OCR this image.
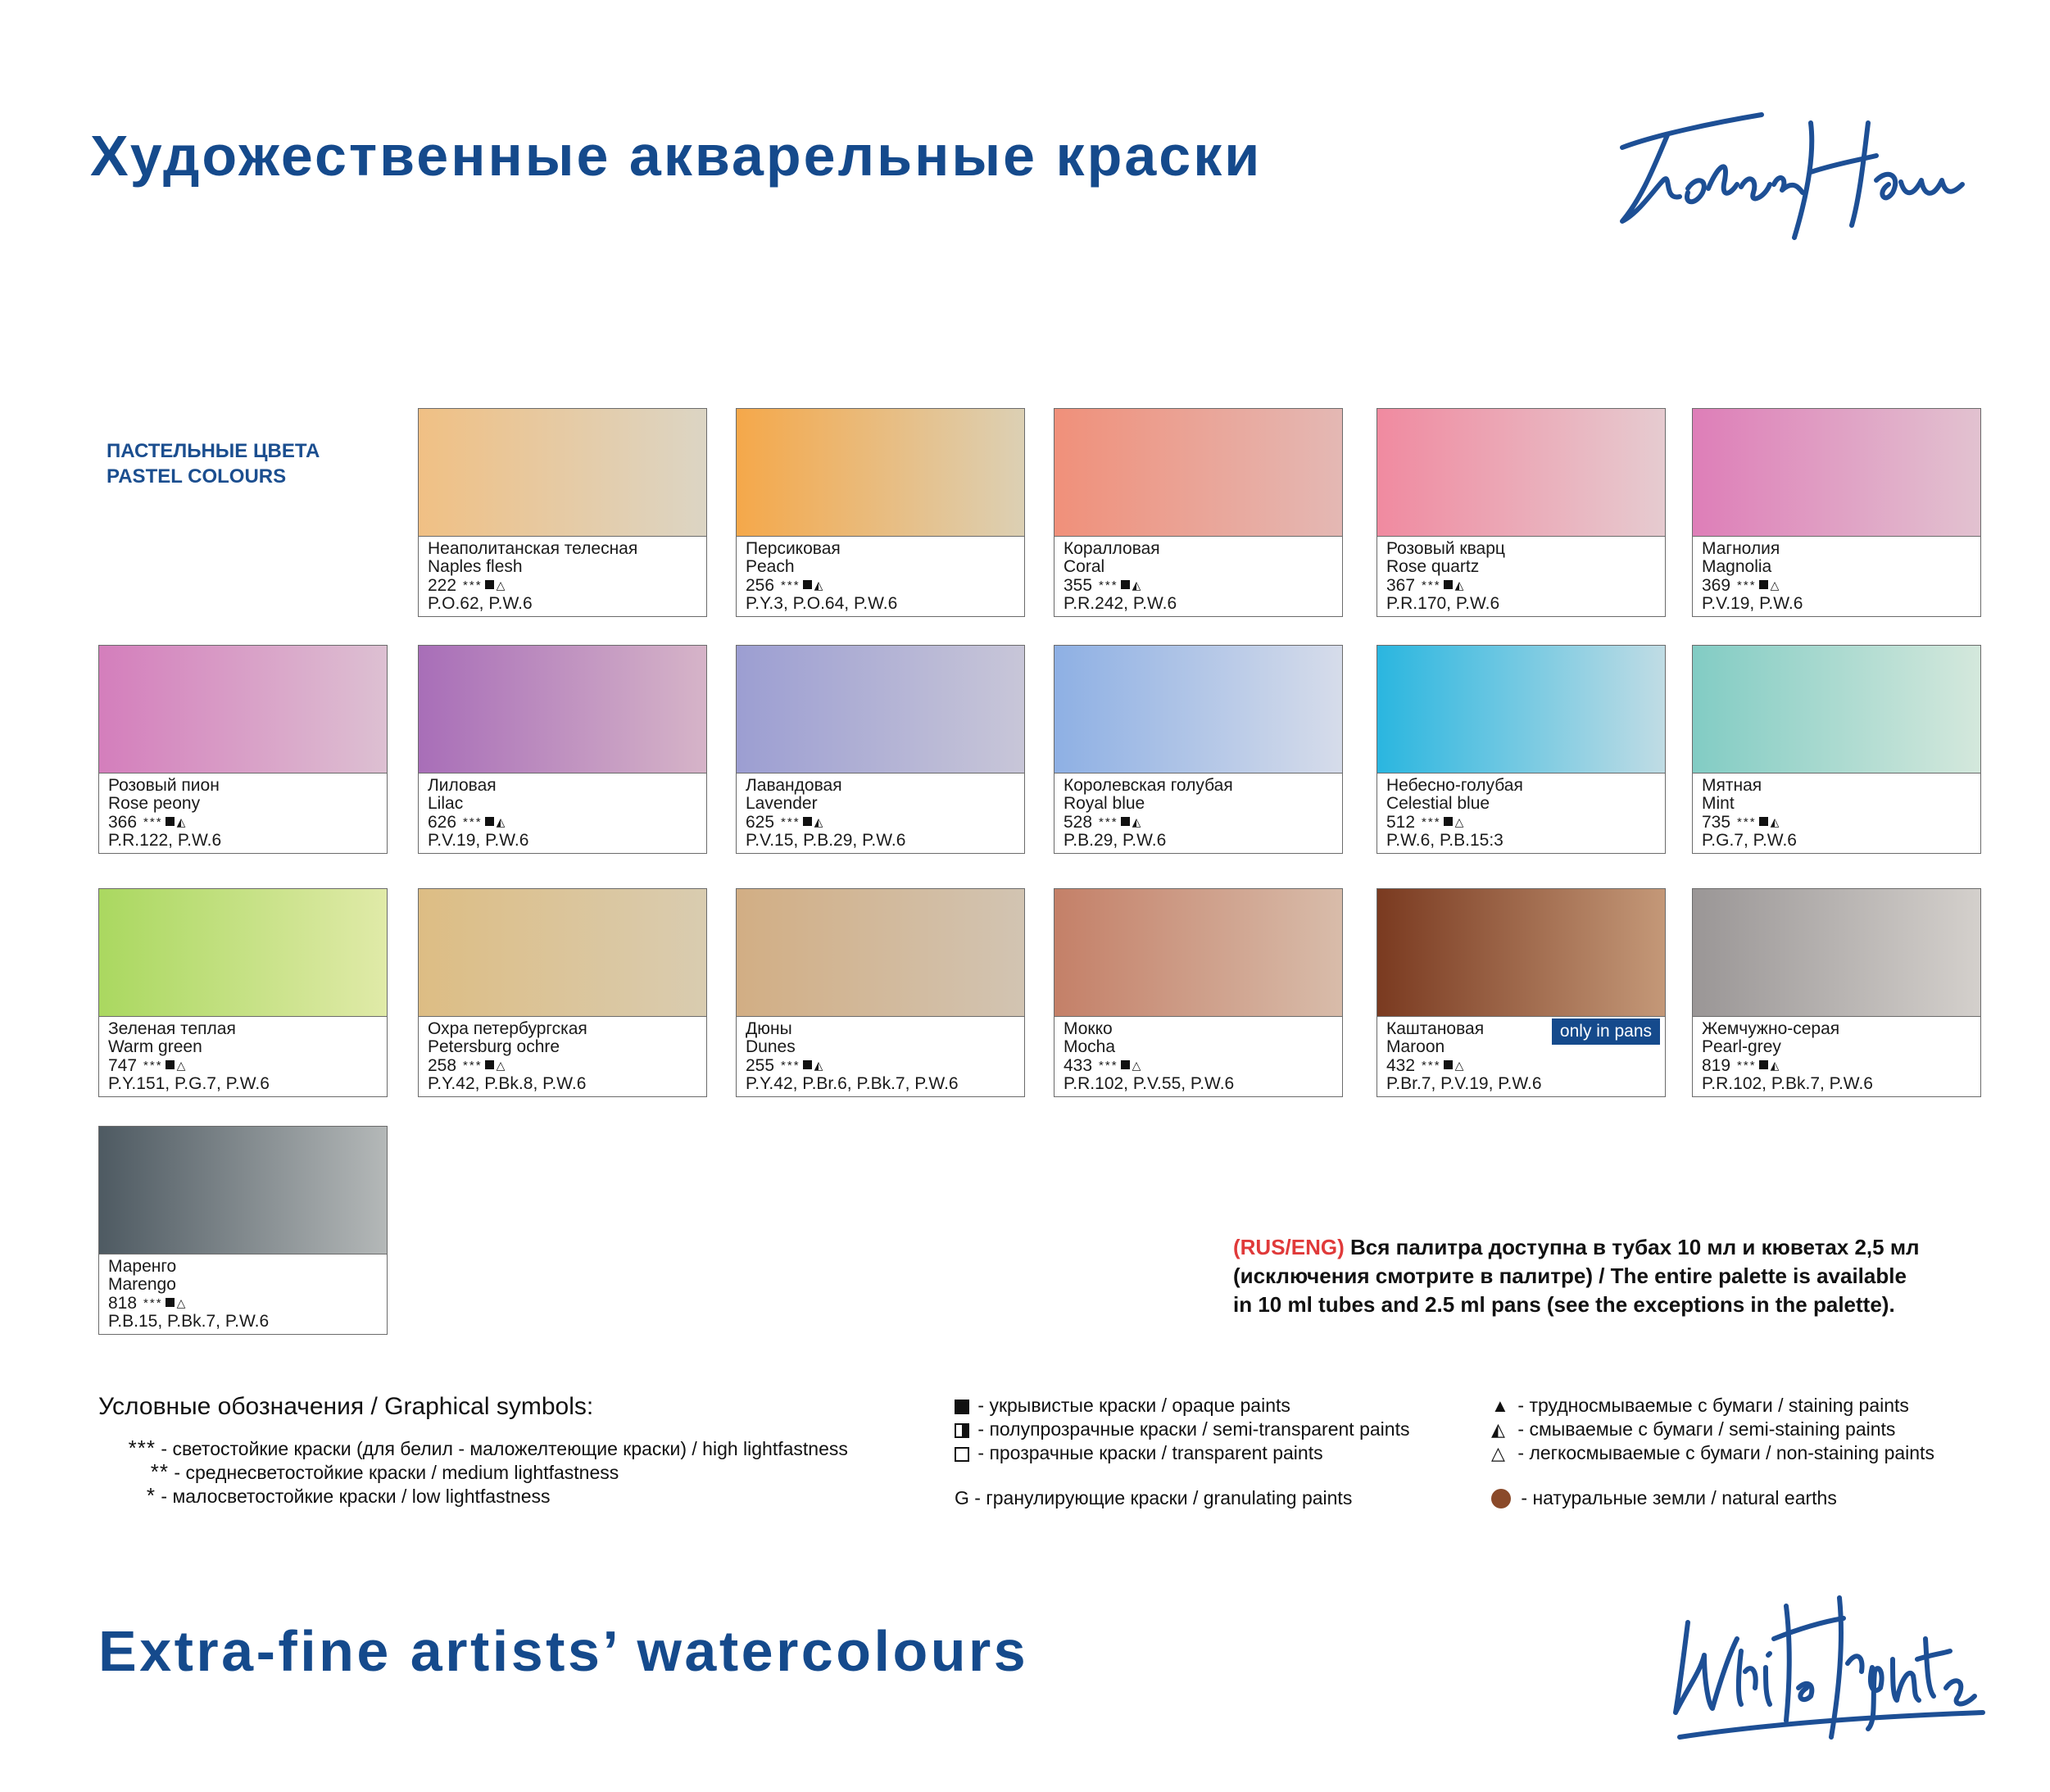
Художественные акварельные краски
ПАСТЕЛЬНЫЕ ЦВЕТА
PASTEL COLOURS
Неаполитанская телесная
Naples flesh
222 *** △
P.O.62, P.W.6
Персиковая
Peach
256 *** ◭
P.Y.3, P.O.64, P.W.6
Коралловая
Coral
355 *** ◭
P.R.242, P.W.6
Розовый кварц
Rose quartz
367 *** ◭
P.R.170, P.W.6
Магнолия
Magnolia
369 *** △
P.V.19, P.W.6
Розовый пион
Rose peony
366 *** ◭
P.R.122, P.W.6
Лиловая
Lilac
626 *** ◭
P.V.19, P.W.6
Лавандовая
Lavender
625 *** ◭
P.V.15, P.B.29, P.W.6
Королевская голубая
Royal blue
528 *** ◭
P.B.29, P.W.6
Небесно-голубая
Celestial blue
512 *** △
P.W.6, P.B.15:3
Мятная
Mint
735 *** ◭
P.G.7, P.W.6
Зеленая теплая
Warm green
747 *** △
P.Y.151, P.G.7, P.W.6
Охра петербургская
Petersburg ochre
258 *** △
P.Y.42, P.Bk.8, P.W.6
Дюны
Dunes
255 *** ◭
P.Y.42, P.Br.6, P.Bk.7, P.W.6
Мокко
Mocha
433 *** △
P.R.102, P.V.55, P.W.6
Каштановая
Maroon
432 *** △
P.Br.7, P.V.19, P.W.6
only in pans	Жемчужно-серая
Pearl-grey
819 *** ◭
P.R.102, P.Bk.7, P.W.6
Маренго
Marengo
818 *** △
P.B.15, P.Bk.7, P.W.6
(RUS/ENG) Вся палитра доступна в тубах 10 мл и кюветах 2,5 мл
(исключения смотрите в палитре) / The entire palette is available
in 10 ml tubes and 2.5 ml pans (see the exceptions in the palette).
Условные обозначения / Graphical symbols:
*** - светостойкие краски (для белил - маложелтеющие краски) / high lightfastness
** - среднесветостойкие краски / medium lightfastness
* - малосветостойкие краски / low lightfastness
- укрывистые краски / opaque paints
- полупрозрачные краски / semi-transparent paints
- прозрачные краски / transparent paints
G - гранулирующие краски / granulating paints
▲ - трудносмываемые с бумаги / staining paints
◭ - смываемые с бумаги / semi-staining paints
△ - легкосмываемые с бумаги / non-staining paints
- натуральные земли / natural earths
Extra-fine artists’ watercolours
